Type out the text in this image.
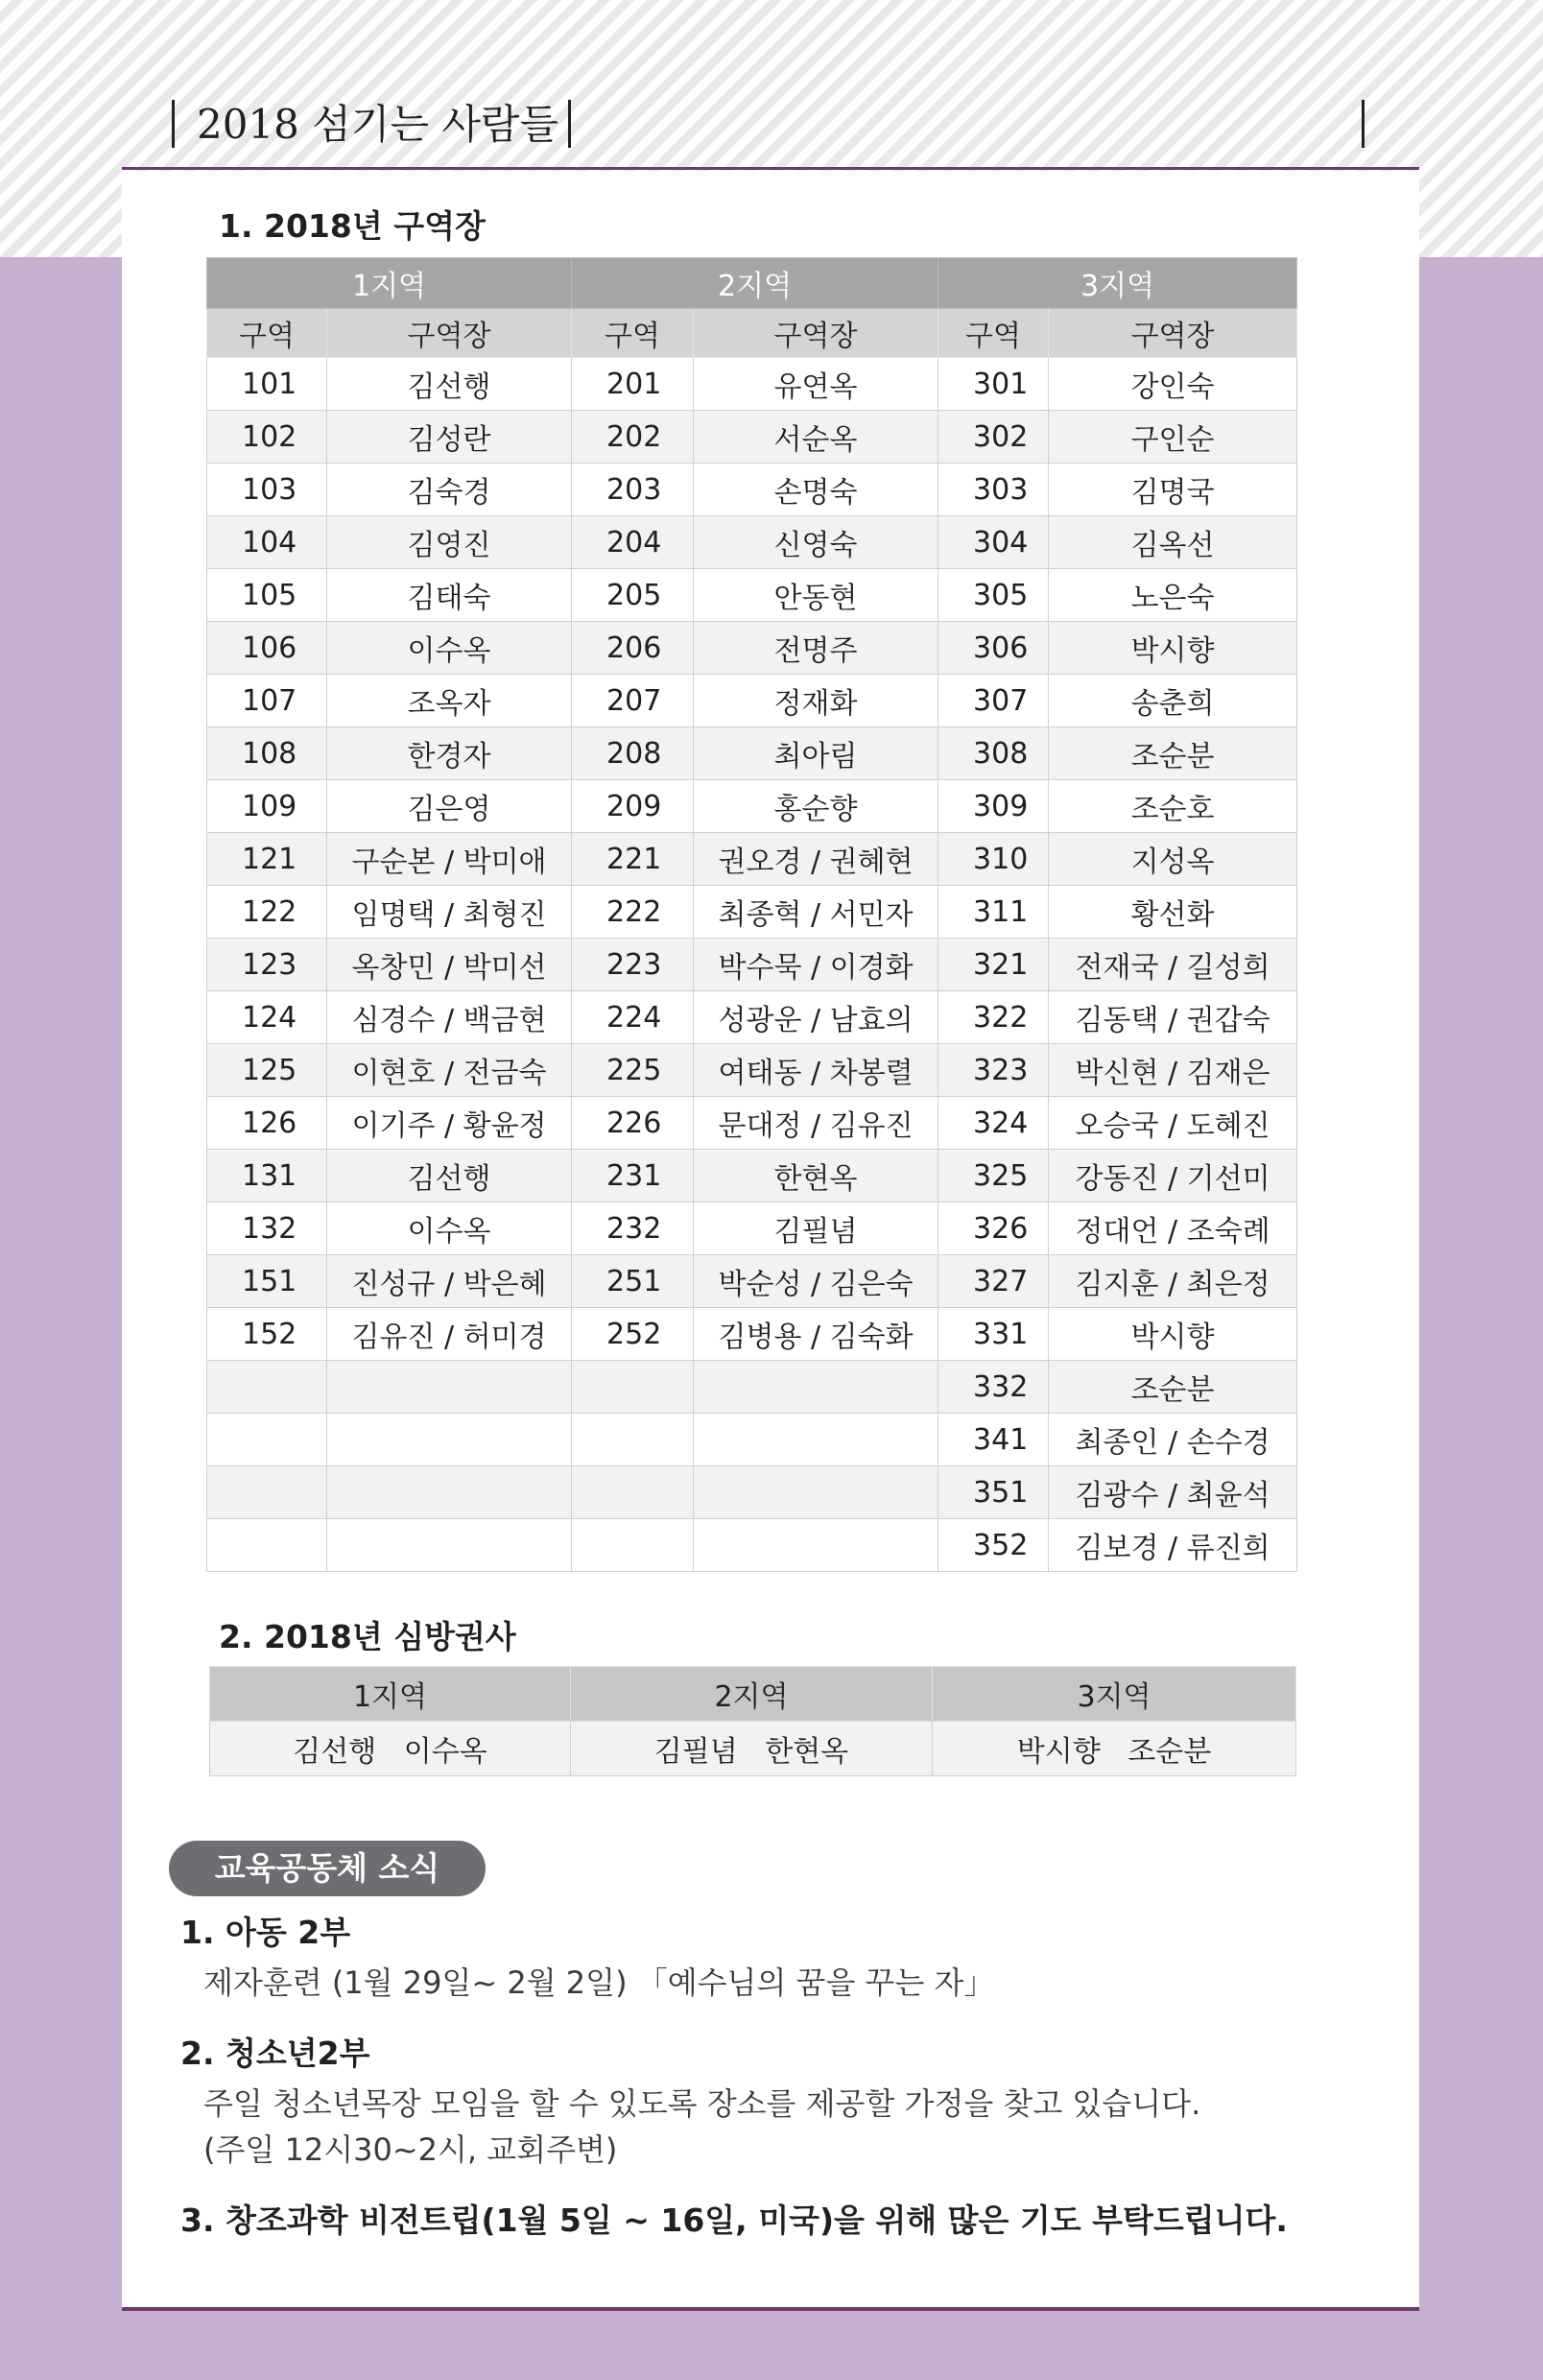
2018 섬기는 사람들
1. 2018년 구역장
1지역		2지역		3지역	
구역	구역장	구역	구역장	구역	구역장
101	김선행	201	유연옥	301	강인숙
102	김성란	202	서순옥	302	구인순
103	김숙경	203	손명숙	303	김명국
104	김영진	204	신영숙	304	김옥선
105	김태숙	205	안동현	305	노은숙
106	이수옥	206	전명주	306	박시향
107	조옥자	207	정재화	307	송춘희
108	한경자	208	최아림	308	조순분
109	김은영	209	홍순향	309	조순호
121	구순본 / 박미애	221	권오경 / 권혜현	310	지성옥
122	임명택 / 최형진	222	최종혁 / 서민자	311	황선화
123	옥창민 / 박미선	223	박수묵 / 이경화	321	전재국 / 길성희
124	심경수 / 백금현	224	성광운 / 남효의	322	김동택 / 권갑숙
125	이현호 / 전금숙	225	여태동 / 차봉렬	323	박신현 / 김재은
126	이기주 / 황윤정	226	문대정 / 김유진	324	오승국 / 도혜진
131	김선행	231	한현옥	325	강동진 / 기선미
132	이수옥	232	김필념	326	정대언 / 조숙례
151	진성규 / 박은혜	251	박순성 / 김은숙	327	김지훈 / 최은정
152	김유진 / 허미경	252	김병용 / 김숙화	331	박시향
				332	조순분
				341	최종인 / 손수경
				351	김광수 / 최윤석
				352	김보경 / 류진희
2. 2018년 심방권사
1지역	2지역	3지역
김선행   이수옥	김필념   한현옥	박시향   조순분
교육공동체 소식
1. 아동 2부
제자훈련 (1월 29일~ 2월 2일) 「예수님의 꿈을 꾸는 자」
2. 청소년2부
주일 청소년목장 모임을 할 수 있도록 장소를 제공할 가정을 찾고 있습니다.
(주일 12시30~2시, 교회주변)
3. 창조과학 비전트립(1월 5일 ~ 16일, 미국)을 위해 많은 기도 부탁드립니다.
